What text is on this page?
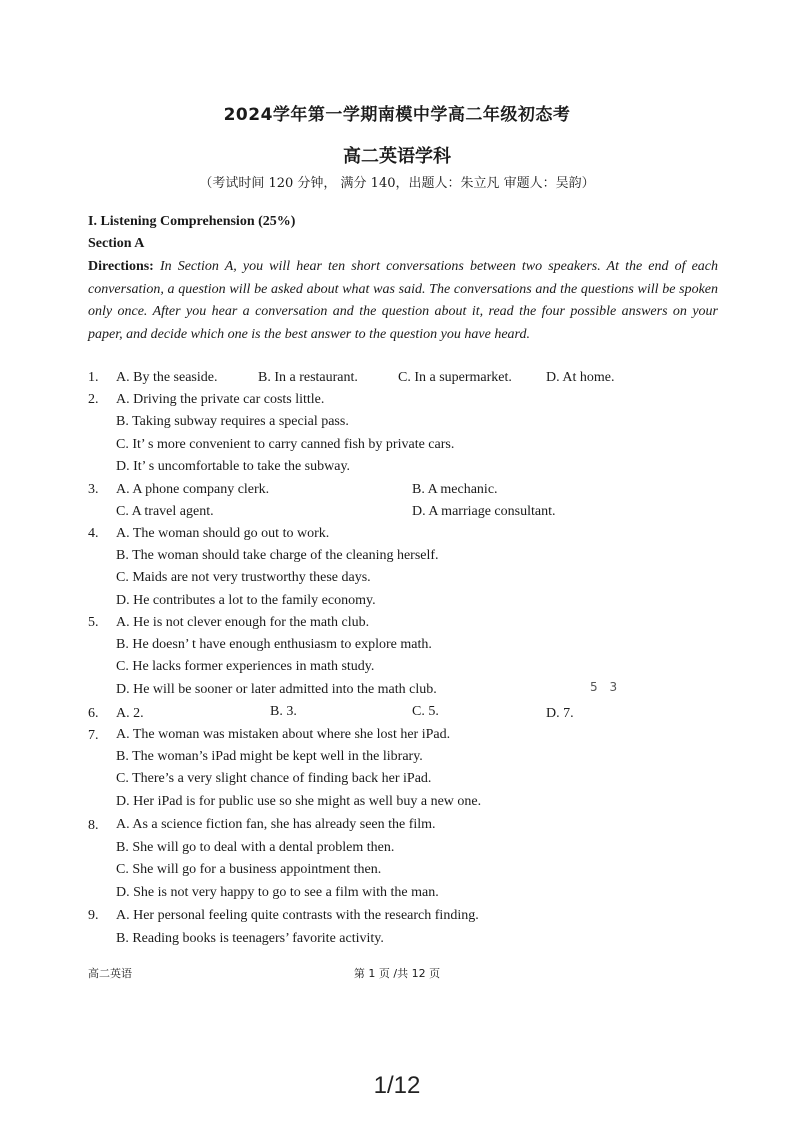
2024学年第一学期南模中学高二年级初态考
高二英语学科
（考试时间 120 分钟， 满分 140，出题人：朱立凡 审题人：吴韵）
I. Listening Comprehension (25%)
Section A
Directions: In Section A, you will hear ten short conversations between two speakers. At the end of each conversation, a question will be asked about what was said. The conversations and the questions will be spoken only once. After you hear a conversation and the question about it, read the four possible answers on your paper, and decide which one is the best answer to the question you have heard.
1. A. By the seaside.	B. In a restaurant.	C. In a supermarket. D. At home.
2. A. Driving the private car costs little.
B. Taking subway requires a special pass.
C. It’ s more convenient to carry canned fish by private cars.
D. It’ s uncomfortable to take the subway.
3. A. A phone company clerk.	B. A mechanic.
C. A travel agent.	D. A marriage consultant.
4. A. The woman should go out to work.
B. The woman should take charge of the cleaning herself.
C. Maids are not very trustworthy these days.
D. He contributes a lot to the family economy.
5. A. He is not clever enough for the math club.
B. He doesn’ t have enough enthusiasm to explore math.
C. He lacks former experiences in math study.
D. He will be sooner or later admitted into the math club.	5 3
6. A. 2.	B. 3.	C. 5.	D. 7.
7. A. The woman was mistaken about where she lost her iPad.
B. The woman’s iPad might be kept well in the library.
C. There’s a very slight chance of finding back her iPad.
D. Her iPad is for public use so she might as well buy a new one.
8. A. As a science fiction fan, she has already seen the film.
B. She will go to deal with a dental problem then.
C. She will go for a business appointment then.
D. She is not very happy to go to see a film with the man.
9. A. Her personal feeling quite contrasts with the research finding.
B. Reading books is teenagers’ favorite activity.
高二英语	第 1 页 /共 12 页
1/12
